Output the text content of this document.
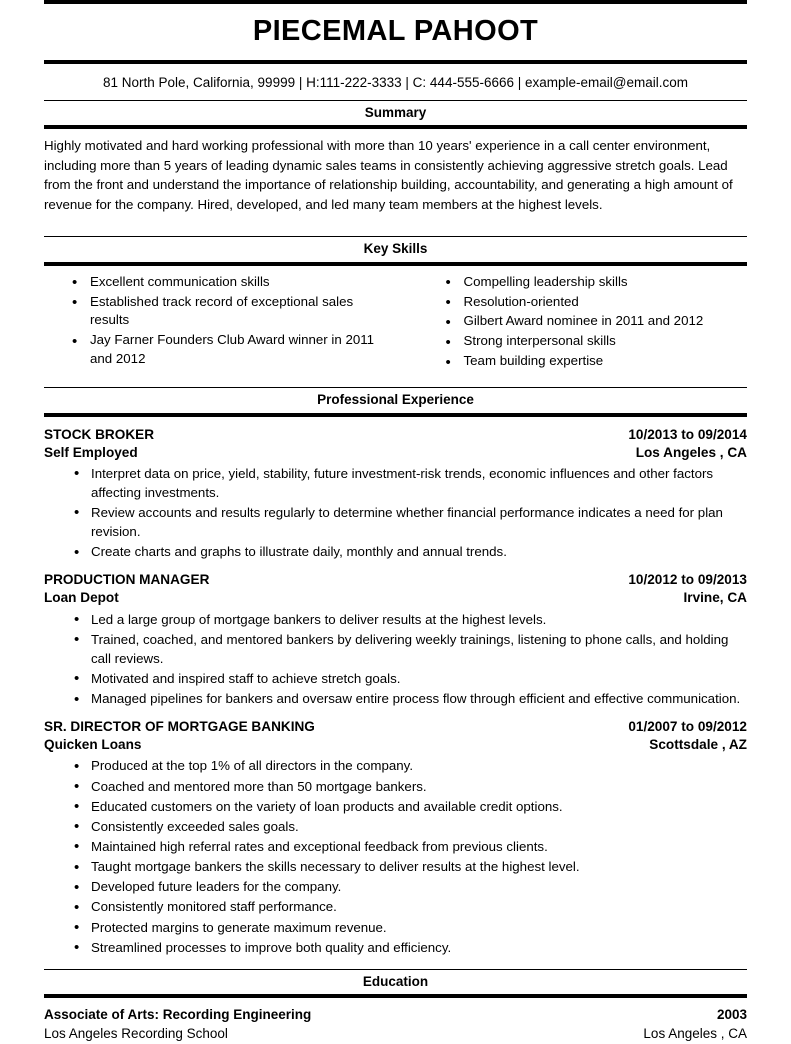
PIECEMAL PAHOOT
81 North Pole, California, 99999 | H:111-222-3333 | C: 444-555-6666 | example-email@email.com
Summary
Highly motivated and hard working professional with more than 10 years' experience in a call center environment, including more than 5 years of leading dynamic sales teams in consistently achieving aggressive stretch goals. Lead from the front and understand the importance of relationship building, accountability, and generating a high amount of revenue for the company. Hired, developed, and led many team members at the highest levels.
Key Skills
• Excellent communication skills
• Established track record of exceptional sales results
• Jay Farner Founders Club Award winner in 2011 and 2012
• Compelling leadership skills
• Resolution-oriented
• Gilbert Award nominee in 2011 and 2012
• Strong interpersonal skills
• Team building expertise
Professional Experience
STOCK BROKER	10/2013 to 09/2014
Self Employed	Los Angeles , CA
• Interpret data on price, yield, stability, future investment-risk trends, economic influences and other factors affecting investments.
• Review accounts and results regularly to determine whether financial performance indicates a need for plan revision.
• Create charts and graphs to illustrate daily, monthly and annual trends.
PRODUCTION MANAGER	10/2012 to 09/2013
Loan Depot	Irvine, CA
• Led a large group of mortgage bankers to deliver results at the highest levels.
• Trained, coached, and mentored bankers by delivering weekly trainings, listening to phone calls, and holding call reviews.
• Motivated and inspired staff to achieve stretch goals.
• Managed pipelines for bankers and oversaw entire process flow through efficient and effective communication.
SR. DIRECTOR OF MORTGAGE BANKING	01/2007 to 09/2012
Quicken Loans	Scottsdale , AZ
• Produced at the top 1% of all directors in the company.
• Coached and mentored more than 50 mortgage bankers.
• Educated customers on the variety of loan products and available credit options.
• Consistently exceeded sales goals.
• Maintained high referral rates and exceptional feedback from previous clients.
• Taught mortgage bankers the skills necessary to deliver results at the highest level.
• Developed future leaders for the company.
• Consistently monitored staff performance.
• Protected margins to generate maximum revenue.
• Streamlined processes to improve both quality and efficiency.
Education
Associate of Arts: Recording Engineering	2003
Los Angeles Recording School	Los Angeles , CA
